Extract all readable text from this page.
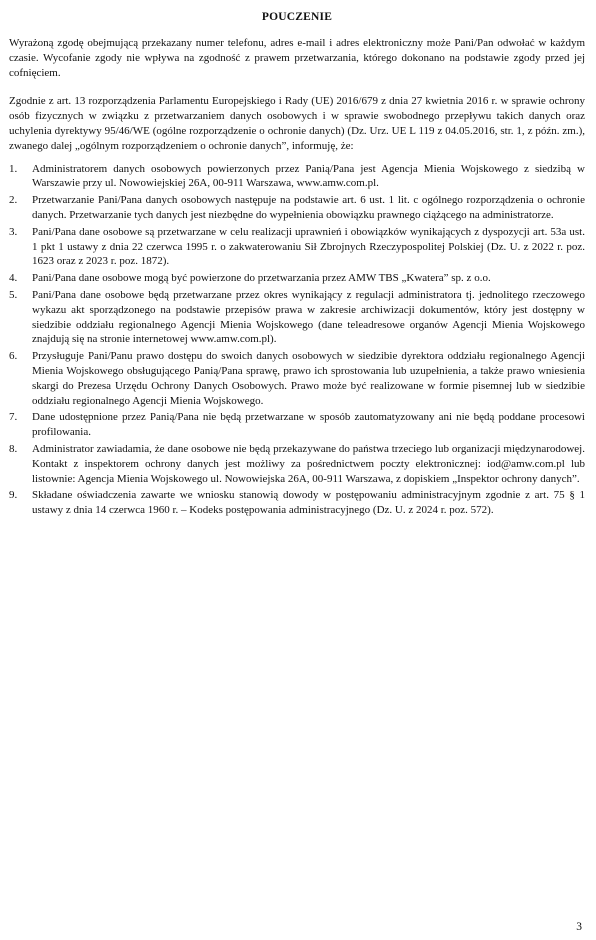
POUCZENIE

Wyrażoną zgodę obejmującą przekazany numer telefonu, adres e-mail i adres elektroniczny może Pani/Pan odwołać w każdym czasie. Wycofanie zgody nie wpływa na zgodność z prawem przetwarzania, którego dokonano na podstawie zgody przed jej cofnięciem.

Zgodnie z art. 13 rozporządzenia Parlamentu Europejskiego i Rady (UE) 2016/679 z dnia 27 kwietnia 2016 r. w sprawie ochrony osób fizycznych w związku z przetwarzaniem danych osobowych i w sprawie swobodnego przepływu takich danych oraz uchylenia dyrektywy 95/46/WE (ogólne rozporządzenie o ochronie danych) (Dz. Urz. UE L 119 z 04.05.2016, str. 1, z późn. zm.), zwanego dalej „ogólnym rozporządzeniem o ochronie danych”, informuję, że:

1. Administratorem danych osobowych powierzonych przez Panią/Pana jest Agencja Mienia Wojskowego z siedzibą w Warszawie przy ul. Nowowiejskiej 26A, 00-911 Warszawa, www.amw.com.pl.
2. Przetwarzanie Pani/Pana danych osobowych następuje na podstawie art. 6 ust. 1 lit. c ogólnego rozporządzenia o ochronie danych. Przetwarzanie tych danych jest niezbędne do wypełnienia obowiązku prawnego ciążącego na administratorze.
3. Pani/Pana dane osobowe są przetwarzane w celu realizacji uprawnień i obowiązków wynikających z dyspozycji art. 53a ust. 1 pkt 1 ustawy z dnia 22 czerwca 1995 r. o zakwaterowaniu Sił Zbrojnych Rzeczypospolitej Polskiej (Dz. U. z 2022 r. poz. 1623 oraz z 2023 r. poz. 1872).
4. Pani/Pana dane osobowe mogą być powierzone do przetwarzania przez AMW TBS „Kwatera” sp. z o.o.
5. Pani/Pana dane osobowe będą przetwarzane przez okres wynikający z regulacji administratora tj. jednolitego rzeczowego wykazu akt sporządzonego na podstawie przepisów prawa w zakresie archiwizacji dokumentów, który jest dostępny w siedzibie oddziału regionalnego Agencji Mienia Wojskowego (dane teleadresowe organów Agencji Mienia Wojskowego znajdują się na stronie internetowej www.amw.com.pl).
6. Przysługuje Pani/Panu prawo dostępu do swoich danych osobowych w siedzibie dyrektora oddziału regionalnego Agencji Mienia Wojskowego obsługującego Panią/Pana sprawę, prawo ich sprostowania lub uzupełnienia, a także prawo wniesienia skargi do Prezesa Urzędu Ochrony Danych Osobowych. Prawo może być realizowane w formie pisemnej lub w siedzibie oddziału regionalnego Agencji Mienia Wojskowego.
7. Dane udostępnione przez Panią/Pana nie będą przetwarzane w sposób zautomatyzowany ani nie będą poddane procesowi profilowania.
8. Administrator zawiadamia, że dane osobowe nie będą przekazywane do państwa trzeciego lub organizacji międzynarodowej. Kontakt z inspektorem ochrony danych jest możliwy za pośrednictwem poczty elektronicznej: iod@amw.com.pl lub listownie: Agencja Mienia Wojskowego ul. Nowowiejska 26A, 00-911 Warszawa, z dopiskiem „Inspektor ochrony danych”.
9. Składane oświadczenia zawarte we wniosku stanowią dowody w postępowaniu administracyjnym zgodnie z art. 75 § 1 ustawy z dnia 14 czerwca 1960 r. – Kodeks postępowania administracyjnego (Dz. U. z 2024 r. poz. 572).
3
